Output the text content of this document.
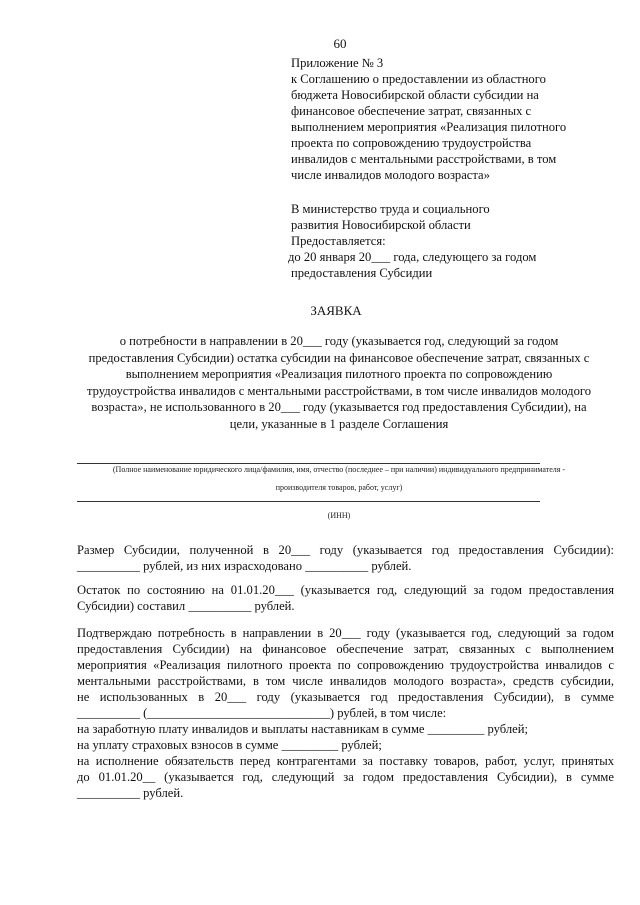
60
Приложение № 3
к Соглашению о предоставлении из областного
бюджета Новосибирской области субсидии на
финансовое обеспечение затрат, связанных с
выполнением мероприятия «Реализация пилотного
проекта по сопровождению трудоустройства
инвалидов с ментальными расстройствами, в том
числе инвалидов молодого возраста»
В министерство труда и социального
развития Новосибирской области
Предоставляется:
до 20 января 20___ года, следующего за годом
предоставления Субсидии
ЗАЯВКА
о потребности в направлении в 20___ году (указывается год, следующий за годом
предоставления Субсидии) остатка субсидии на финансовое обеспечение затрат, связанных с
выполнением мероприятия «Реализация пилотного проекта по сопровождению
трудоустройства инвалидов с ментальными расстройствами, в том числе инвалидов молодого
возраста», не использованного в 20___ году (указывается год предоставления Субсидии), на
цели, указанные в 1 разделе Соглашения
(Полное наименование юридического лица/фамилия, имя, отчество (последнее – при наличии) индивидуального предпринимателя -
производителя товаров, работ, услуг)
(ИНН)
Размер Субсидии, полученной в 20___ году (указывается год предоставления Субсидии):
__________ рублей, из них израсходовано __________ рублей.
Остаток по состоянию на 01.01.20___ (указывается год, следующий за годом предоставления
Субсидии) составил __________ рублей.
Подтверждаю потребность в направлении в 20___ году (указывается год, следующий за годом
предоставления Субсидии) на финансовое обеспечение затрат, связанных с выполнением
мероприятия «Реализация пилотного проекта по сопровождению трудоустройства инвалидов с
ментальными расстройствами, в том числе инвалидов молодого возраста», средств субсидии,
не использованных в 20___ году (указывается год предоставления Субсидии), в сумме
__________ (_____________________________) рублей, в том числе:
на заработную плату инвалидов и выплаты наставникам в сумме _________ рублей;
на уплату страховых взносов в сумме _________ рублей;
на исполнение обязательств перед контрагентами за поставку товаров, работ, услуг, принятых
до 01.01.20__ (указывается год, следующий за годом предоставления Субсидии), в сумме
__________ рублей.
